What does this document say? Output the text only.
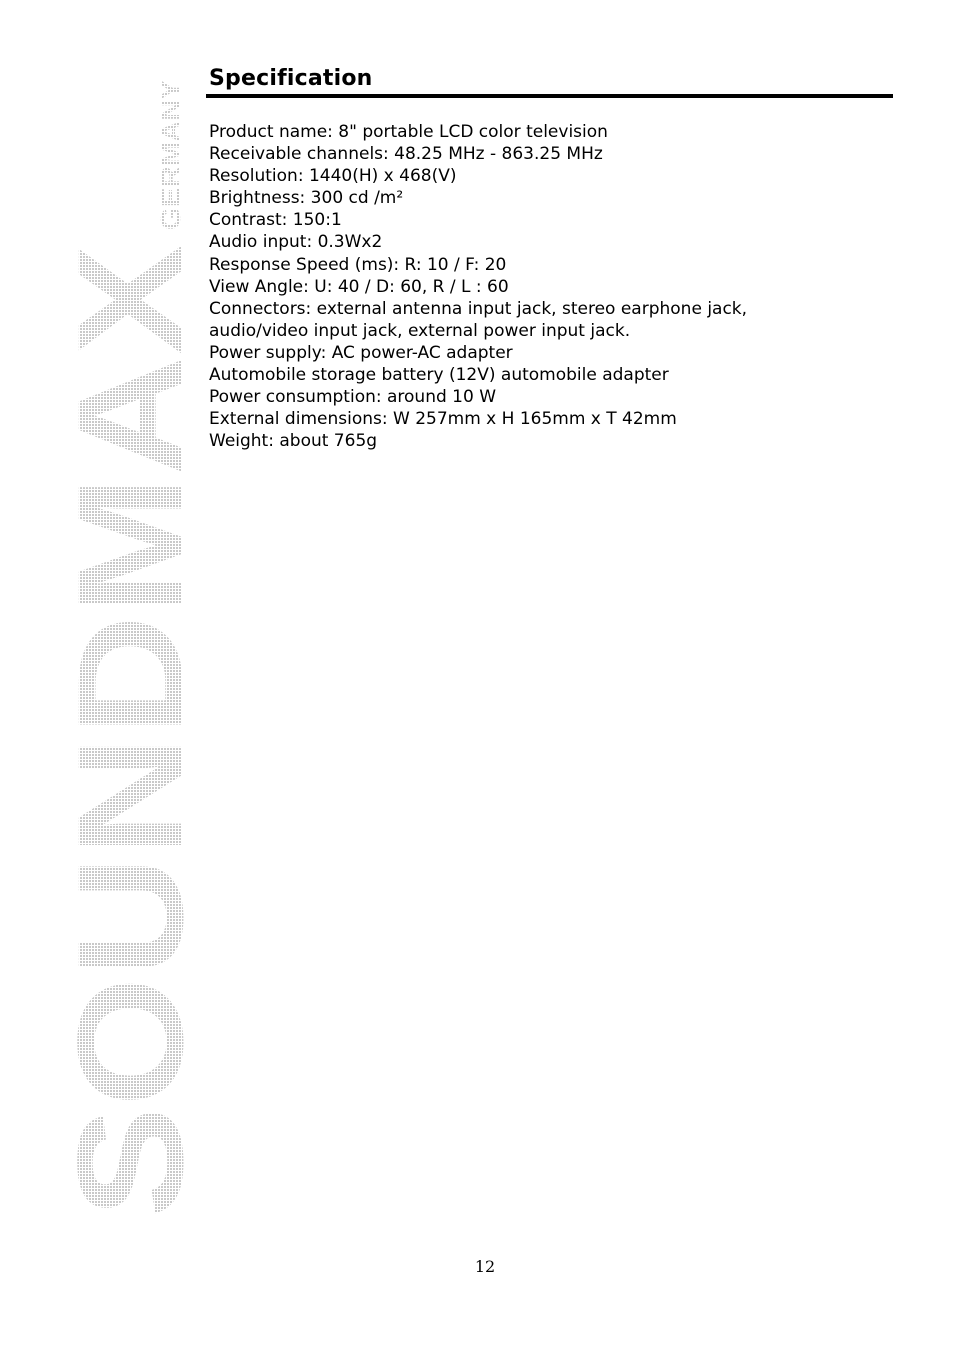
SOUNDMAX
GERMANY
Specification
Product name: 8" portable LCD color television
Receivable channels: 48.25 MHz - 863.25 MHz
Resolution: 1440(H) x 468(V)
Brightness: 300 cd /m²
Contrast: 150:1
Audio input: 0.3Wx2
Response Speed (ms): R: 10 / F: 20
View Angle: U: 40 / D: 60, R / L : 60
Connectors: external antenna input jack, stereo earphone jack,
audio/video input jack, external power input jack.
Power supply: AC power-AC adapter
Automobile storage battery (12V) automobile adapter
Power consumption: around 10 W
External dimensions: W 257mm x H 165mm x T 42mm
Weight: about 765g
12
